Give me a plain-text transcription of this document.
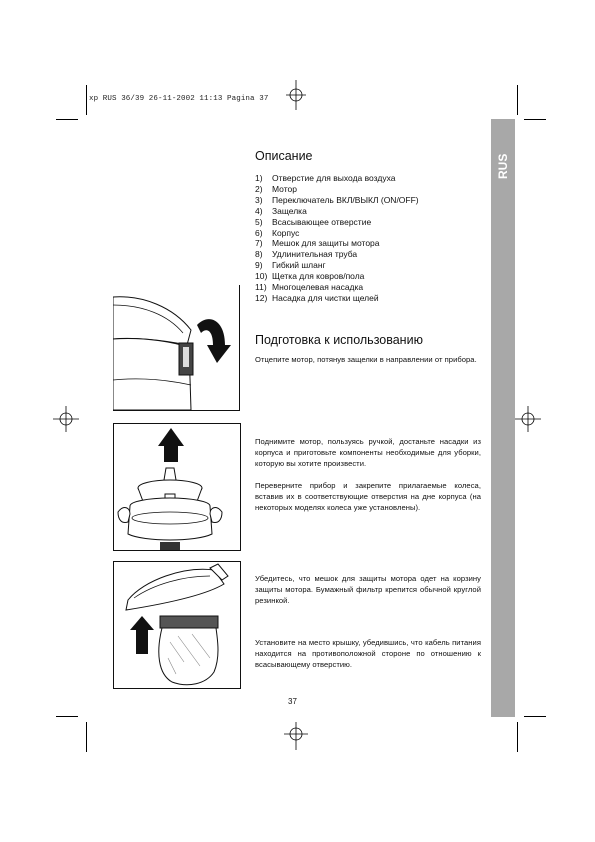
xp RUS 36/39 26-11-2002 11:13 Pagina 37
RUS
Описание
1) Отверстие для выхода воздуха
2) Мотор
3) Переключатель ВКЛ/ВЫКЛ (ON/OFF)
4) Защелка
5) Всасывающее отверстие
6) Корпус
7) Мешок для защиты мотора
8) Удлинительная труба
9) Гибкий шланг
10) Щетка для ковров/пола
11) Многоцелевая насадка
12) Насадка для чистки щелей
Подготовка к использованию

Отцепите мотор, потянув защелки в направлении от прибора.

Поднимите мотор, пользуясь ручкой, достаньте насадки из корпуса и приготовьте компоненты необходимые для уборки, которую вы хотите произвести.

Переверните прибор и закрепите прилагаемые колеса, вставив их в соответствующие отверстия на дне корпуса (на некоторых моделях колеса уже установлены).

Убедитесь, что мешок для защиты мотора одет на корзину защиты мотора. Бумажный фильтр крепится обычной круглой резинкой.

Установите на место крышку, убедившись, что кабель питания находится на противоположной стороне по отношению к всасывающему отверстию.

37
